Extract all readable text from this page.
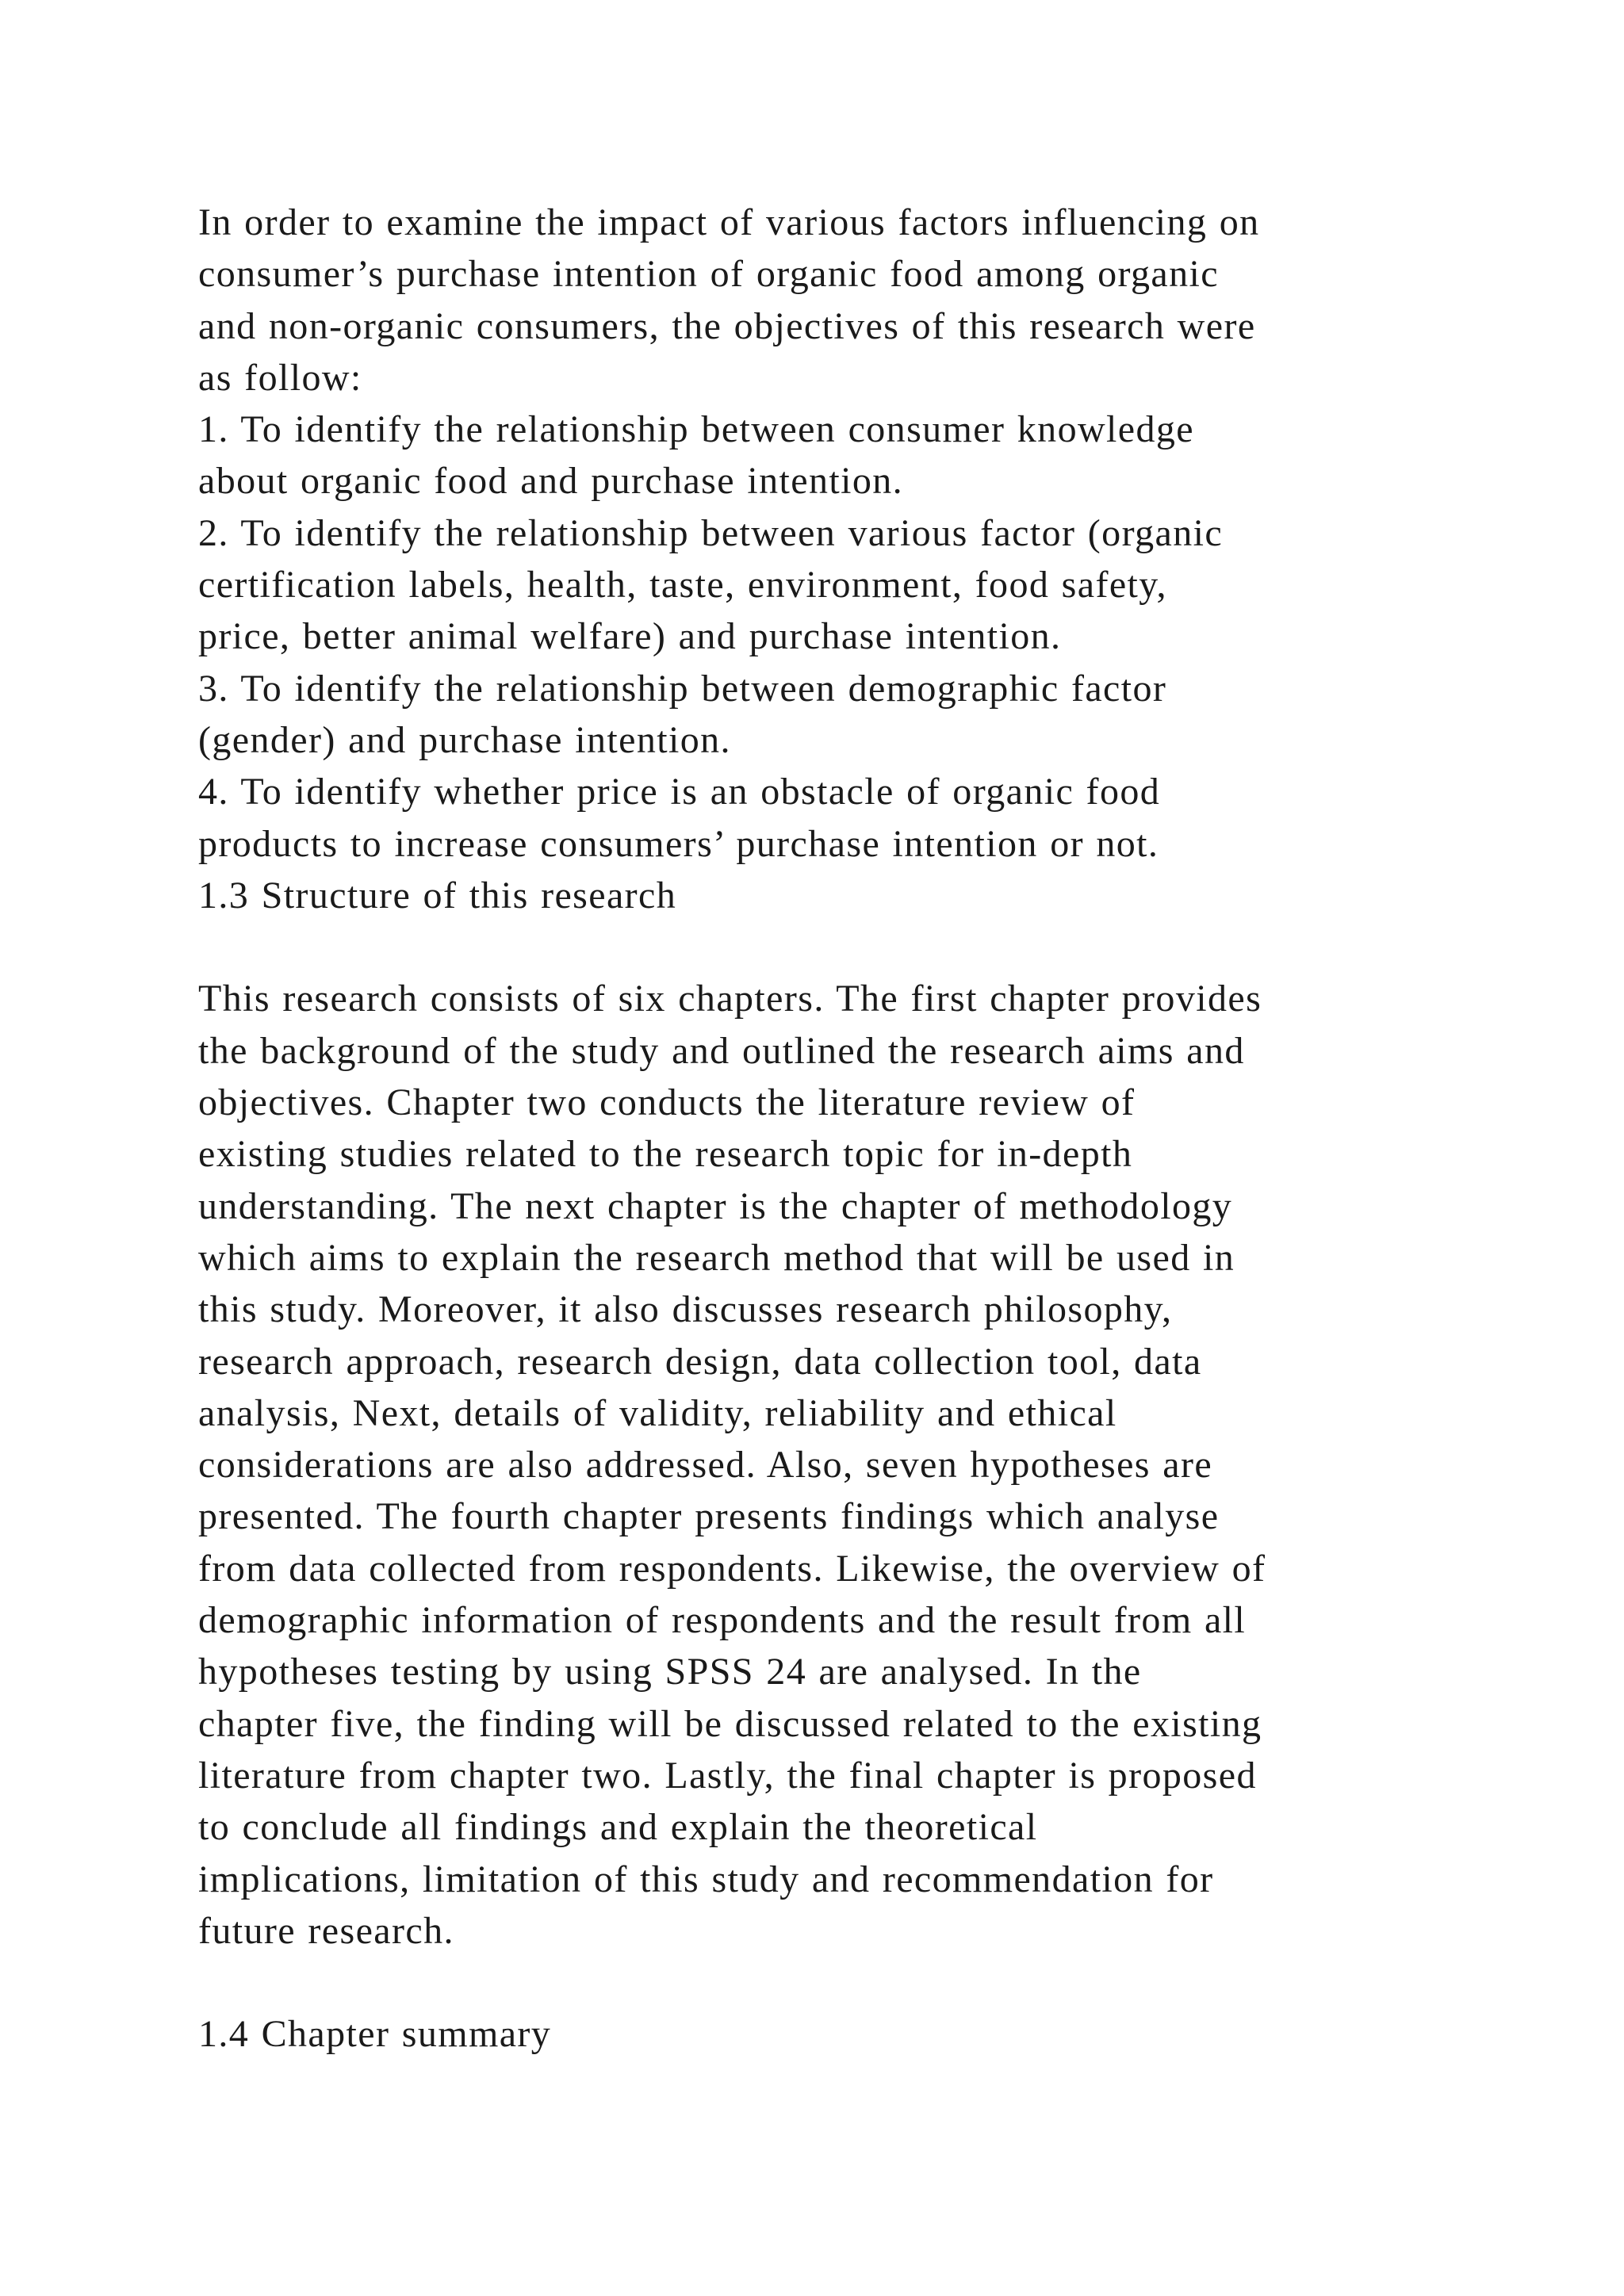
In order to examine the impact of various factors influencing on
consumer’s purchase intention of organic food among organic
and non-organic consumers, the objectives of this research were
as follow:
1. To identify the relationship between consumer knowledge
about organic food and purchase intention.
2. To identify the relationship between various factor (organic
certification labels, health, taste, environment, food safety,
price, better animal welfare) and purchase intention.
3. To identify the relationship between demographic factor
(gender) and purchase intention.
4. To identify whether price is an obstacle of organic food
products to increase consumers’ purchase intention or not.
1.3 Structure of this research
This research consists of six chapters. The first chapter provides
the background of the study and outlined the research aims and
objectives. Chapter two conducts the literature review of
existing studies related to the research topic for in-depth
understanding. The next chapter is the chapter of methodology
which aims to explain the research method that will be used in
this study. Moreover, it also discusses research philosophy,
research approach, research design, data collection tool, data
analysis, Next, details of validity, reliability and ethical
considerations are also addressed. Also, seven hypotheses are
presented. The fourth chapter presents findings which analyse
from data collected from respondents. Likewise, the overview of
demographic information of respondents and the result from all
hypotheses testing by using SPSS 24 are analysed. In the
chapter five, the finding will be discussed related to the existing
literature from chapter two. Lastly, the final chapter is proposed
to conclude all findings and explain the theoretical
implications, limitation of this study and recommendation for
future research.
1.4 Chapter summary
